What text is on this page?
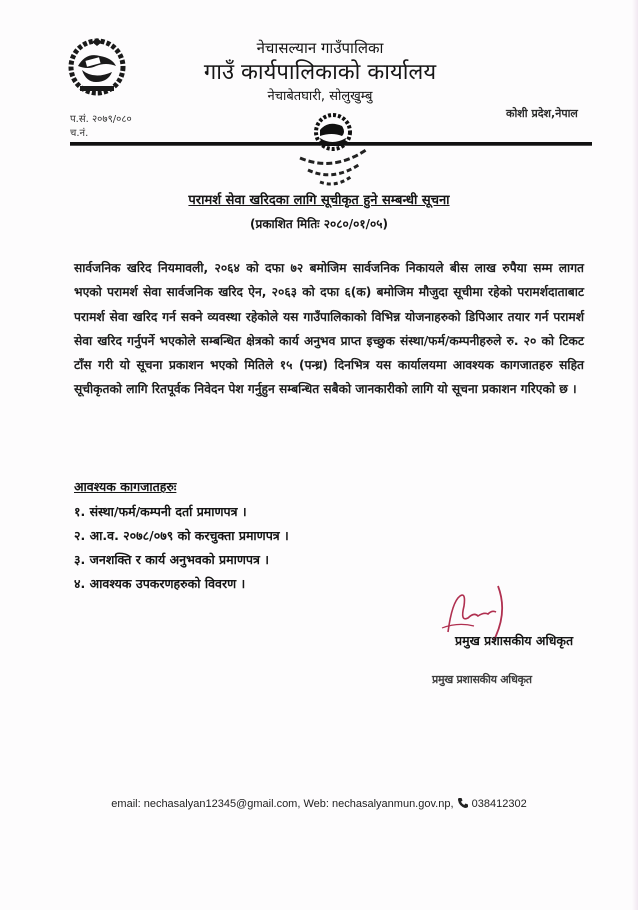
नेचासल्यान गाउँपालिका
गाउँ कार्यपालिकाको कार्यालय
नेचाबेतघारी, सोलुखुम्बु
कोशी प्रदेश,नेपाल
प.सं. २०७९/०८०
च.नं.
परामर्श सेवा खरिदका लागि सूचीकृत हुने सम्बन्धी सूचना
(प्रकाशित मितिः २०८०/०१/०५)

सार्वजनिक खरिद नियमावली, २०६४ को दफा ७२ बमोजिम सार्वजनिक निकायले बीस लाख रुपैया सम्म लागत भएको परामर्श सेवा सार्वजनिक खरिद ऐन, २०६३ को दफा ६(क) बमोजिम मौजुदा सूचीमा रहेको परामर्शदाताबाट परामर्श सेवा खरिद गर्न सक्ने व्यवस्था रहेकोले यस गाउँपालिकाको विभिन्न योजनाहरुको डिपिआर तयार गर्न परामर्श सेवा खरिद गर्नुपर्ने भएकोले सम्बन्धित क्षेत्रको कार्य अनुभव प्राप्त इच्छुक संस्था/फर्म/कम्पनीहरुले रु. २० को टिकट टाँस गरी यो सूचना प्रकाशन भएको मितिले १५ (पन्ध्र) दिनभित्र यस कार्यालयमा आवश्यक कागजातहरु सहित सूचीकृतको लागि रितपूर्वक निवेदन पेश गर्नुहुन सम्बन्धित सबैको जानकारीको लागि यो सूचना प्रकाशन गरिएको छ ।

आवश्यक कागजातहरुः
१. संस्था/फर्म/कम्पनी दर्ता प्रमाणपत्र ।
२. आ.व. २०७८/०७९ को करचुक्ता प्रमाणपत्र ।
३. जनशक्ति र कार्य अनुभवको प्रमाणपत्र ।
४. आवश्यक उपकरणहरुको विवरण ।
प्रमुख प्रशासकीय अधिकृत
प्रमुख प्रशासकीय अधिकृत
email: nechasalyan12345@gmail.com, Web: nechasalyanmun.gov.np, 038412302
